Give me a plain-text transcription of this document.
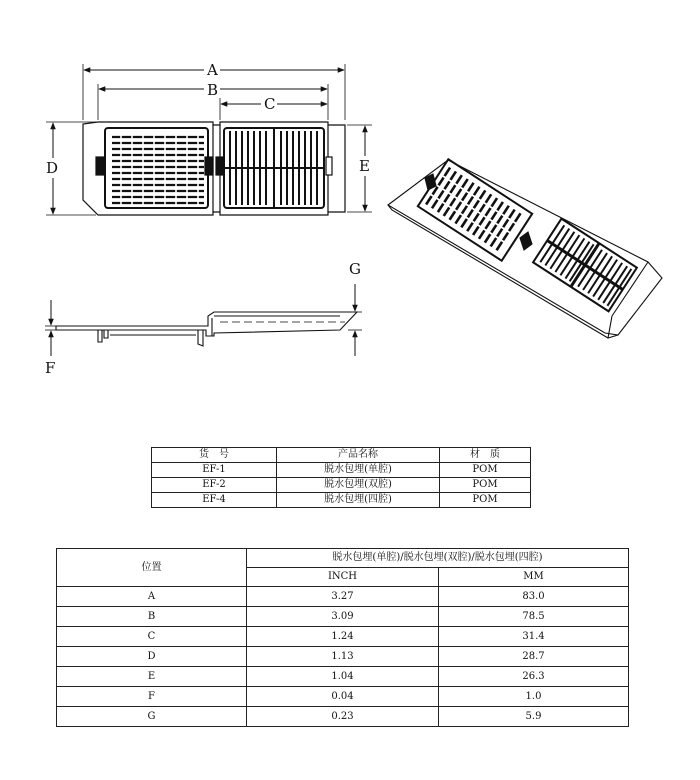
A
B
C
D	E
F
G
货　号	产品名称	材　质
EF-1	脱水包埋(单腔)	POM
EF-2	脱水包埋(双腔)	POM
EF-4	脱水包埋(四腔)	POM
位置	脱水包埋(单腔)/脱水包埋(双腔)/脱水包埋(四腔)	
	INCH	MM
A	3.27	83.0
B	3.09	78.5
C	1.24	31.4
D	1.13	28.7
E	1.04	26.3
F	0.04	1.0
G	0.23	5.9
